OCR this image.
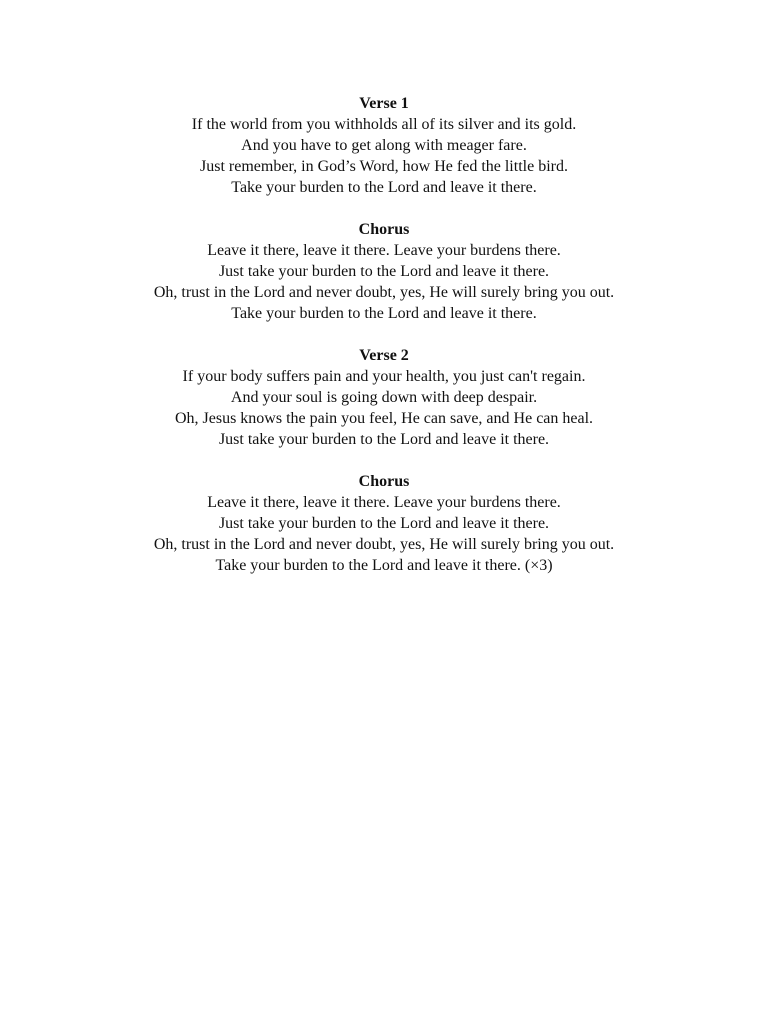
Verse 1
If the world from you withholds all of its silver and its gold.
And you have to get along with meager fare.
Just remember, in God’s Word, how He fed the little bird.
Take your burden to the Lord and leave it there.
Chorus
Leave it there, leave it there. Leave your burdens there.
Just take your burden to the Lord and leave it there.
Oh, trust in the Lord and never doubt, yes, He will surely bring you out.
Take your burden to the Lord and leave it there.
Verse 2
If your body suffers pain and your health, you just can't regain.
And your soul is going down with deep despair.
Oh, Jesus knows the pain you feel, He can save, and He can heal.
Just take your burden to the Lord and leave it there.
Chorus
Leave it there, leave it there. Leave your burdens there.
Just take your burden to the Lord and leave it there.
Oh, trust in the Lord and never doubt, yes, He will surely bring you out.
Take your burden to the Lord and leave it there. (×3)
